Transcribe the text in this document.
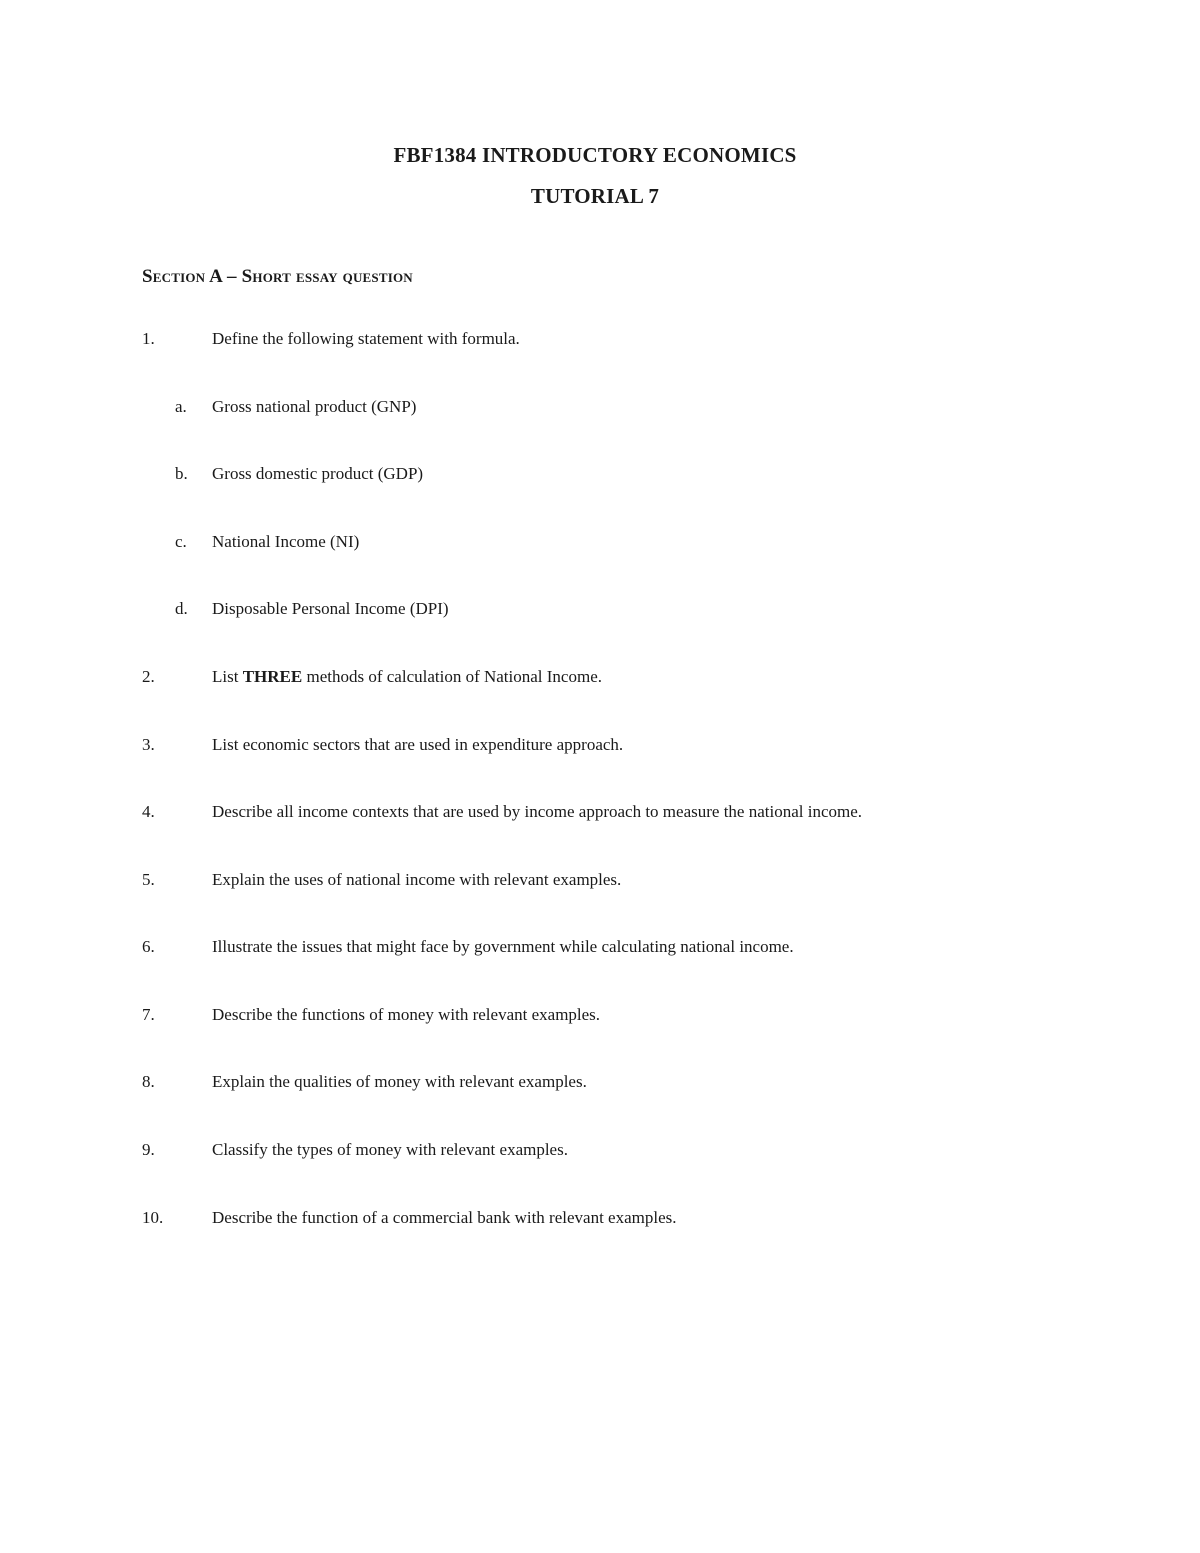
FBF1384 INTRODUCTORY ECONOMICS
TUTORIAL 7
Section A – Short essay question
1.	Define the following statement with formula.
a. Gross national product (GNP)
b. Gross domestic product (GDP)
c. National Income (NI)
d. Disposable Personal Income (DPI)
2.	List THREE methods of calculation of National Income.
3.	List economic sectors that are used in expenditure approach.
4.	Describe all income contexts that are used by income approach to measure the national income.
5.	Explain the uses of national income with relevant examples.
6.	Illustrate the issues that might face by government while calculating national income.
7.	Describe the functions of money with relevant examples.
8.	Explain the qualities of money with relevant examples.
9.	Classify the types of money with relevant examples.
10.	Describe the function of a commercial bank with relevant examples.
